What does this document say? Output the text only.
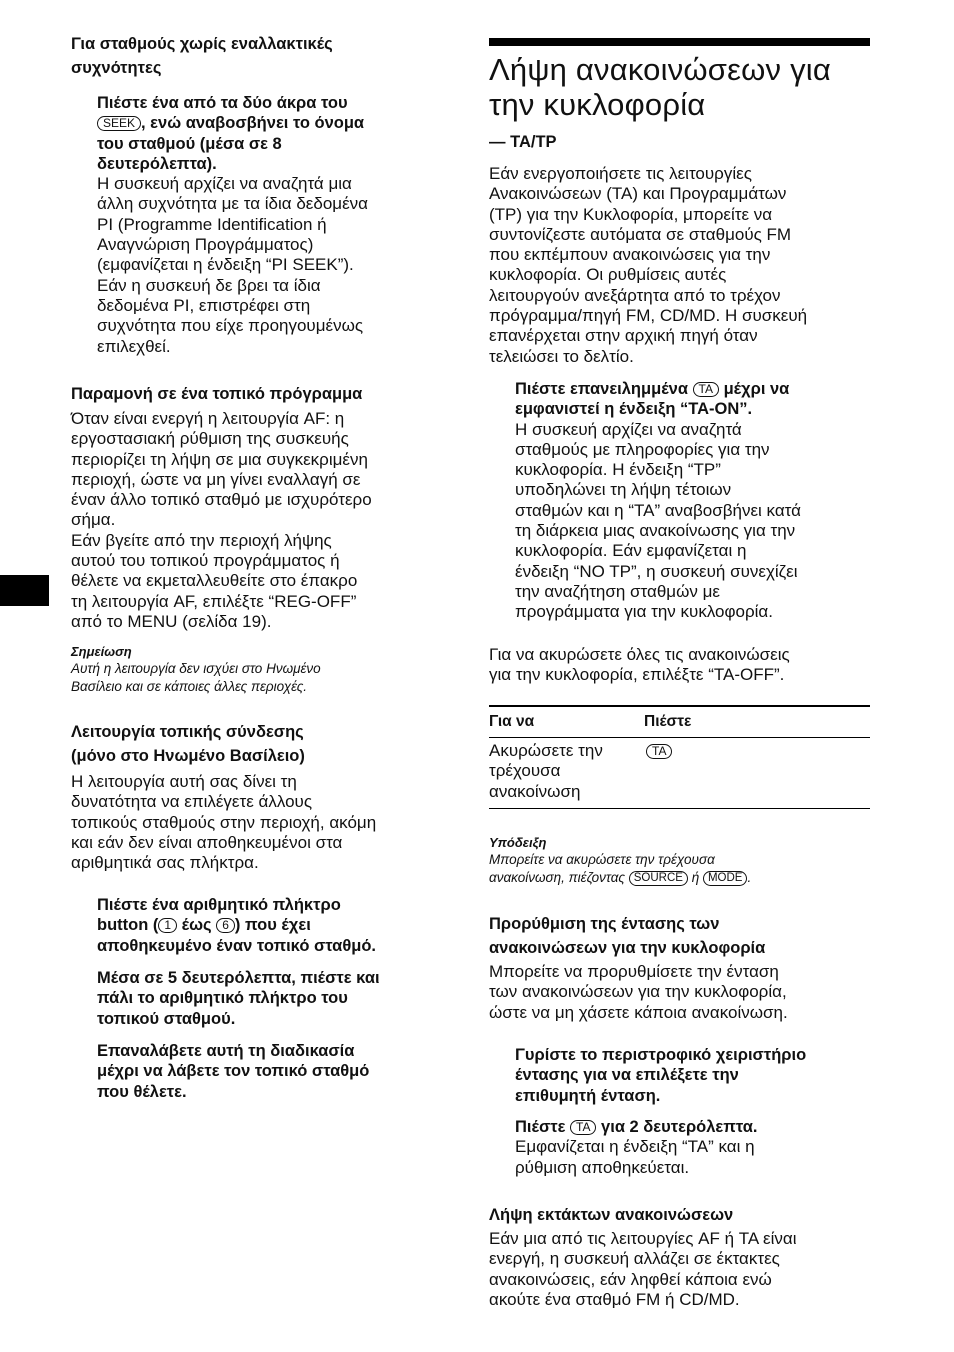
Για σταθμούς χωρίς εναλλακτικές
συχνότητες
Πιέστε ένα από τα δύο άκρα του
SEEK , ενώ αναβοσβήνει το όνομα
του σταθμού (μέσα σε 8
δευτερόλεπτα).
Η συσκευή αρχίζει να αναζητά μια
άλλη συχνότητα με τα ίδια δεδομένα
PI (Programme Identification ή
Αναγνώριση Προγράμματος)
(εμφανίζεται η ένδειξη “PI SEEK”).
Εάν η συσκευή δε βρει τα ίδια
δεδομένα PI, επιστρέφει στη
συχνότητα που είχε προηγουμένως
επιλεχθεί.
Παραμονή σε ένα τοπικό πρόγραμμα
Όταν είναι ενεργή η λειτουργία AF: η
εργοστασιακή ρύθμιση της συσκευής
περιορίζει τη λήψη σε μια συγκεκριμένη
περιοχή, ώστε να μη γίνει εναλλαγή σε
έναν άλλο τοπικό σταθμό με ισχυρότερο
σήμα.
Εάν βγείτε από την περιοχή λήψης
αυτού του τοπικού προγράμματος ή
θέλετε να εκμεταλλευθείτε στο έπακρο
τη λειτουργία AF, επιλέξτε “REG-OFF”
από το MENU (σελίδα 19).
Σημείωση
Αυτή η λειτουργία δεν ισχύει στο Ηνωμένο
Βασίλειο και σε κάποιες άλλες περιοχές.
Λειτουργία τοπικής σύνδεσης
(μόνο στο Ηνωμένο Βασίλειο)
Η λειτουργία αυτή σας δίνει τη
δυνατότητα να επιλέγετε άλλους
τοπικούς σταθμούς στην περιοχή, ακόμη
και εάν δεν είναι αποθηκευμένοι στα
αριθμητικά σας πλήκτρα.
Πιέστε ένα αριθμητικό πλήκτρο
button ( 1 έως 6 ) που έχει
αποθηκευμένο έναν τοπικό σταθμό.
Μέσα σε 5 δευτερόλεπτα, πιέστε και
πάλι το αριθμητικό πλήκτρο του
τοπικού σταθμού.
Επαναλάβετε αυτή τη διαδικασία
μέχρι να λάβετε τον τοπικό σταθμό
που θέλετε.
Λήψη ανακοινώσεων για
την κυκλοφορία
— TA/TP
Εάν ενεργοποιήσετε τις λειτουργίες
Ανακοινώσεων (TA) και Προγραμμάτων
(TP) για την Κυκλοφορία, μπορείτε να
συντονίζεστε αυτόματα σε σταθμούς FM
που εκπέμπουν ανακοινώσεις για την
κυκλοφορία. Οι ρυθμίσεις αυτές
λειτουργούν ανεξάρτητα από το τρέχον
πρόγραμμα/πηγή FM, CD/MD. Η συσκευή
επανέρχεται στην αρχική πηγή όταν
τελειώσει το δελτίο.
Πιέστε επανειλημμένα TA μέχρι να
εμφανιστεί η ένδειξη “TA-ON”.
Η συσκευή αρχίζει να αναζητά
σταθμούς με πληροφορίες για την
κυκλοφορία. Η ένδειξη “TP”
υποδηλώνει τη λήψη τέτοιων
σταθμών και η “TA” αναβοσβήνει κατά
τη διάρκεια μιας ανακοίνωσης για την
κυκλοφορία. Εάν εμφανίζεται η
ένδειξη “NO TP”, η συσκευή συνεχίζει
την αναζήτηση σταθμών με
προγράμματα για την κυκλοφορία.
Για να ακυρώσετε όλες τις ανακοινώσεις
για την κυκλοφορία, επιλέξτε “TA-OFF”.
Για να	Πιέστε
Ακυρώσετε την
τρέχουσα
ανακοίνωση
TA
Υπόδειξη
Μπορείτε να ακυρώσετε την τρέχουσα
ανακοίνωση, πιέζοντας SOURCE ή MODE .
Προρύθμιση της έντασης των
ανακοινώσεων για την κυκλοφορία
Μπορείτε να προρυθμίσετε την ένταση
των ανακοινώσεων για την κυκλοφορία,
ώστε να μη χάσετε κάποια ανακοίνωση.
Γυρίστε το περιστροφικό χειριστήριο
έντασης για να επιλέξετε την
επιθυμητή ένταση.
Πιέστε TA για 2 δευτερόλεπτα.
Εμφανίζεται η ένδειξη “TA” και η
ρύθμιση αποθηκεύεται.
Λήψη εκτάκτων ανακοινώσεων
Εάν μια από τις λειτουργίες AF ή TA είναι
ενεργή, η συσκευή αλλάζει σε έκτακτες
ανακοινώσεις, εάν ληφθεί κάποια ενώ
ακούτε ένα σταθμό FM ή CD/MD.
